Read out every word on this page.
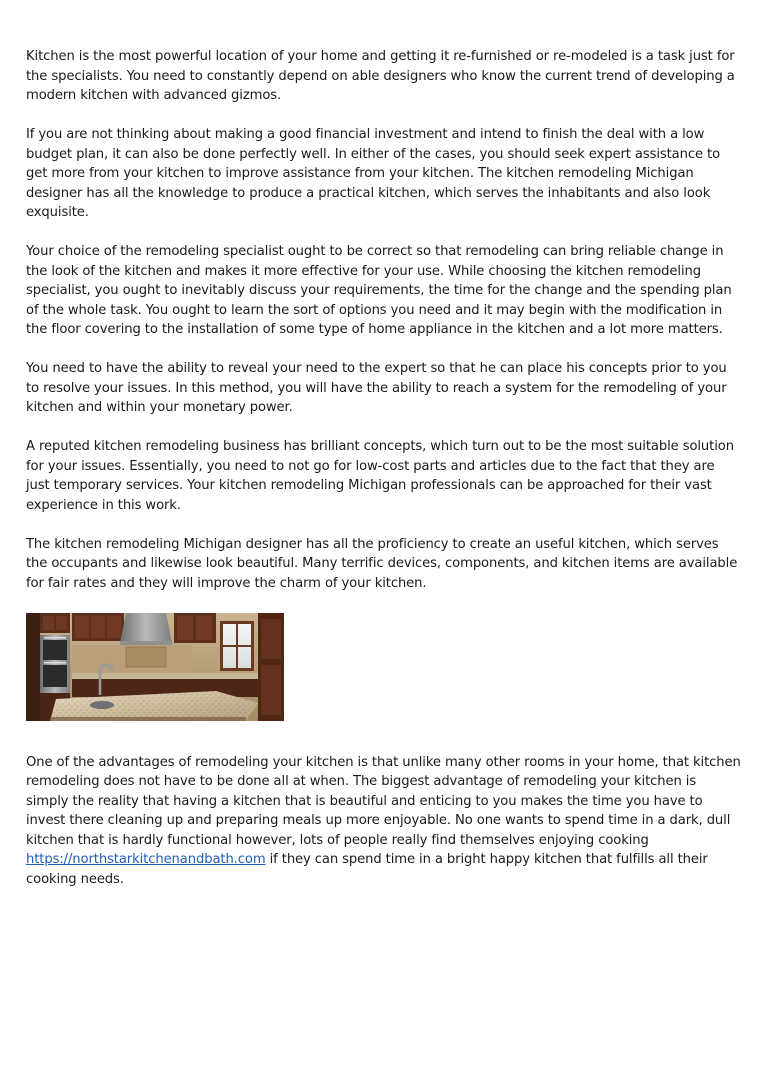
Kitchen is the most powerful location of your home and getting it re-furnished or re-modeled is a task just for the specialists. You need to constantly depend on able designers who know the current trend of developing a modern kitchen with advanced gizmos.

If you are not thinking about making a good financial investment and intend to finish the deal with a low budget plan, it can also be done perfectly well. In either of the cases, you should seek expert assistance to get more from your kitchen to improve assistance from your kitchen. The kitchen remodeling Michigan designer has all the knowledge to produce a practical kitchen, which serves the inhabitants and also look exquisite.

Your choice of the remodeling specialist ought to be correct so that remodeling can bring reliable change in the look of the kitchen and makes it more effective for your use. While choosing the kitchen remodeling specialist, you ought to inevitably discuss your requirements, the time for the change and the spending plan of the whole task. You ought to learn the sort of options you need and it may begin with the modification in the floor covering to the installation of some type of home appliance in the kitchen and a lot more matters.

You need to have the ability to reveal your need to the expert so that he can place his concepts prior to you to resolve your issues. In this method, you will have the ability to reach a system for the remodeling of your kitchen and within your monetary power.

A reputed kitchen remodeling business has brilliant concepts, which turn out to be the most suitable solution for your issues. Essentially, you need to not go for low-cost parts and articles due to the fact that they are just temporary services. Your kitchen remodeling Michigan professionals can be approached for their vast experience in this work.

The kitchen remodeling Michigan designer has all the proficiency to create an useful kitchen, which serves the occupants and likewise look beautiful. Many terrific devices, components, and kitchen items are available for fair rates and they will improve the charm of your kitchen.

One of the advantages of remodeling your kitchen is that unlike many other rooms in your home, that kitchen remodeling does not have to be done all at when. The biggest advantage of remodeling your kitchen is simply the reality that having a kitchen that is beautiful and enticing to you makes the time you have to invest there cleaning up and preparing meals up more enjoyable. No one wants to spend time in a dark, dull kitchen that is hardly functional however, lots of people really find themselves enjoying cooking https://northstarkitchenandbath.com if they can spend time in a bright happy kitchen that fulfills all their cooking needs.
